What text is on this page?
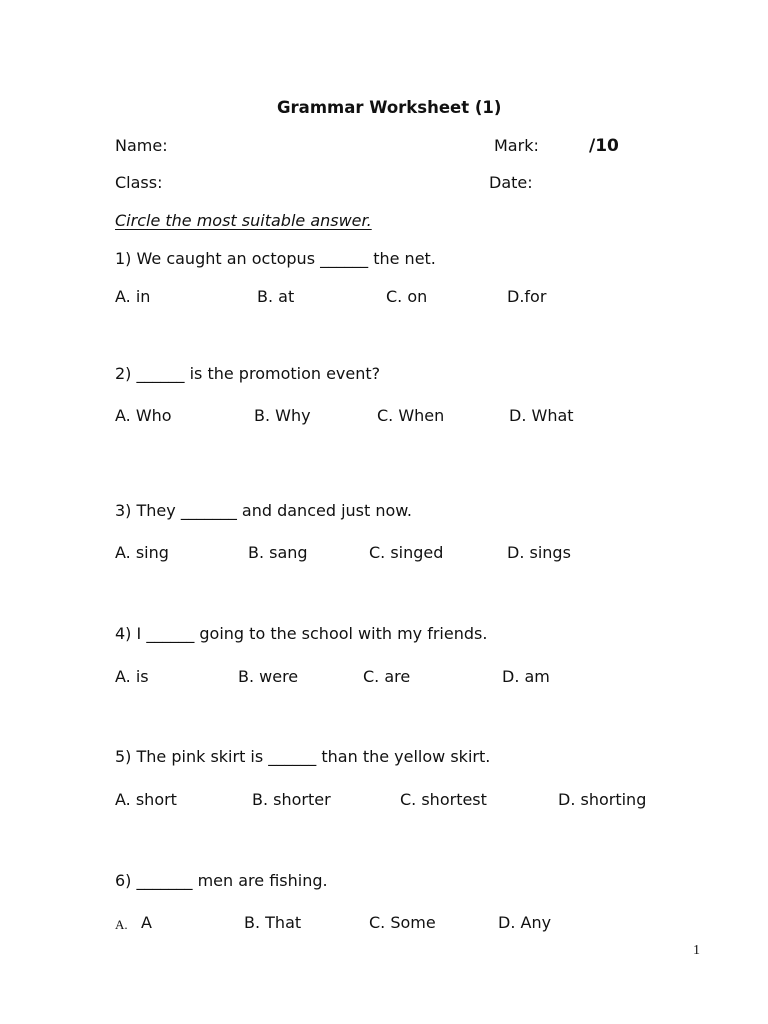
Grammar Worksheet (1)
Name:	Mark:	/10
Class:	Date:
Circle the most suitable answer.
1) We caught an octopus ______ the net.
A. in	B. at	C. on	D.for
2) ______ is the promotion event?
A. Who	B. Why	C. When	D. What
3) They _______ and danced just now.
A. sing	B. sang	C. singed	D. sings
4) I ______ going to the school with my friends.
A. is	B. were	C. are	D. am
5) The pink skirt is ______ than the yellow skirt.
A. short	B. shorter	C. shortest	D. shorting
6) _______ men are fishing.
A. A	B. That	C. Some	D. Any
1
